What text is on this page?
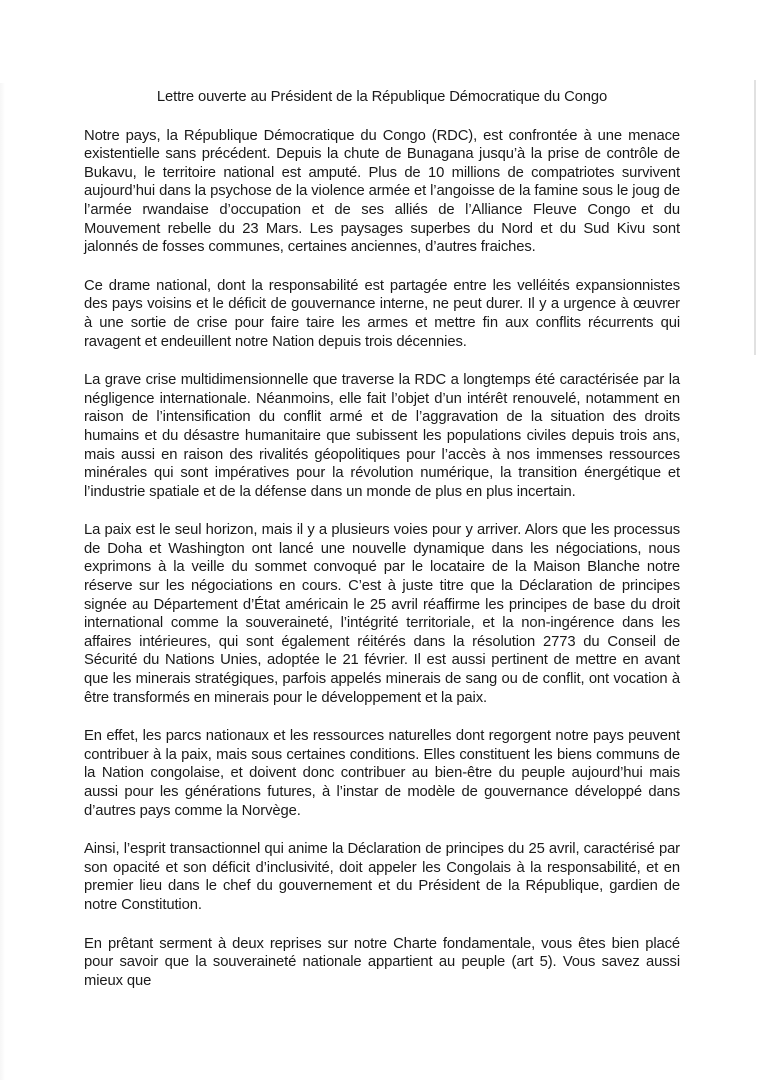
Lettre ouverte au Président de la République Démocratique du Congo

Notre pays, la République Démocratique du Congo (RDC), est confrontée à une menace existentielle sans précédent. Depuis la chute de Bunagana jusqu’à la prise de contrôle de Bukavu, le territoire national est amputé. Plus de 10 millions de compatriotes survivent aujourd’hui dans la psychose de la violence armée et l’angoisse de la famine sous le joug de l’armée rwandaise d’occupation et de ses alliés de l’Alliance Fleuve Congo et du Mouvement rebelle du 23 Mars. Les paysages superbes du Nord et du Sud Kivu sont jalonnés de fosses communes, certaines anciennes, d’autres fraiches.

Ce drame national, dont la responsabilité est partagée entre les velléités expansionnistes des pays voisins et le déficit de gouvernance interne, ne peut durer. Il y a urgence à œuvrer à une sortie de crise pour faire taire les armes et mettre fin aux conflits récurrents qui ravagent et endeuillent notre Nation depuis trois décennies.

La grave crise multidimensionnelle que traverse la RDC a longtemps été caractérisée par la négligence internationale. Néanmoins, elle fait l’objet d’un intérêt renouvelé, notamment en raison de l’intensification du conflit armé et de l’aggravation de la situation des droits humains et du désastre humanitaire que subissent les populations civiles depuis trois ans, mais aussi en raison des rivalités géopolitiques pour l’accès à nos immenses ressources minérales qui sont impératives pour la révolution numérique, la transition énergétique et l’industrie spatiale et de la défense dans un monde de plus en plus incertain.

La paix est le seul horizon, mais il y a plusieurs voies pour y arriver. Alors que les processus de Doha et Washington ont lancé une nouvelle dynamique dans les négociations, nous exprimons à la veille du sommet convoqué par le locataire de la Maison Blanche notre réserve sur les négociations en cours. C’est à juste titre que la Déclaration de principes signée au Département d’État américain le 25 avril réaffirme les principes de base du droit international comme la souveraineté, l’intégrité territoriale, et la non-ingérence dans les affaires intérieures, qui sont également réitérés dans la résolution 2773 du Conseil de Sécurité du Nations Unies, adoptée le 21 février. Il est aussi pertinent de mettre en avant que les minerais stratégiques, parfois appelés minerais de sang ou de conflit, ont vocation à être transformés en minerais pour le développement et la paix.

En effet, les parcs nationaux et les ressources naturelles dont regorgent notre pays peuvent contribuer à la paix, mais sous certaines conditions. Elles constituent les biens communs de la Nation congolaise, et doivent donc contribuer au bien-être du peuple aujourd’hui mais aussi pour les générations futures, à l’instar de modèle de gouvernance développé dans d’autres pays comme la Norvège.

Ainsi, l’esprit transactionnel qui anime la Déclaration de principes du 25 avril, caractérisé par son opacité et son déficit d’inclusivité, doit appeler les Congolais à la responsabilité, et en premier lieu dans le chef du gouvernement et du Président de la République, gardien de notre Constitution.

En prêtant serment à deux reprises sur notre Charte fondamentale, vous êtes bien placé pour savoir que la souveraineté nationale appartient au peuple (art 5). Vous savez aussi mieux que
